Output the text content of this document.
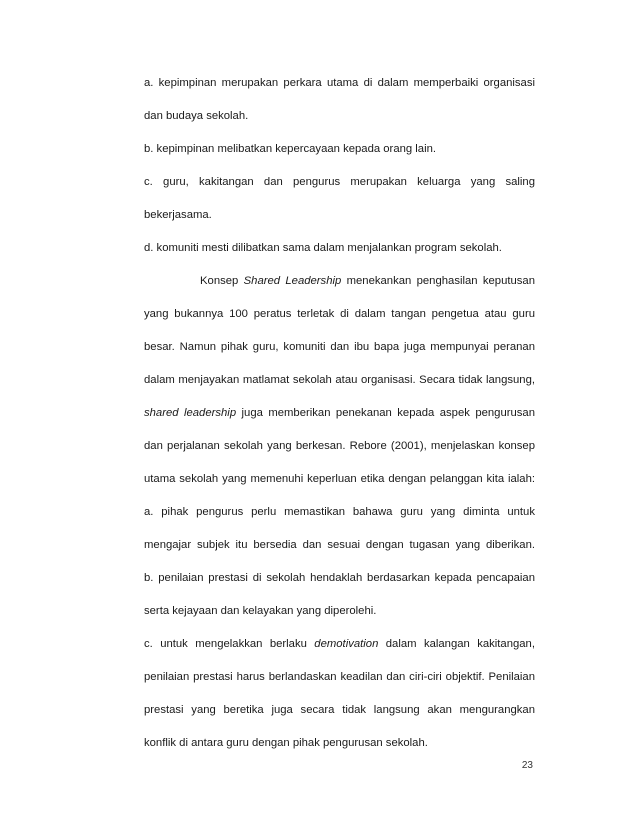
a. kepimpinan merupakan perkara utama di dalam memperbaiki organisasi
dan budaya sekolah.
b. kepimpinan melibatkan kepercayaan kepada orang lain.
c. guru, kakitangan dan pengurus merupakan keluarga yang saling
bekerjasama.
d. komuniti mesti dilibatkan sama dalam menjalankan program sekolah.
Konsep Shared Leadership menekankan penghasilan keputusan
yang bukannya 100 peratus terletak di dalam tangan pengetua atau guru
besar. Namun pihak guru, komuniti dan ibu bapa juga mempunyai peranan
dalam menjayakan matlamat sekolah atau organisasi. Secara tidak langsung,
shared leadership juga memberikan penekanan kepada aspek pengurusan
dan perjalanan sekolah yang berkesan. Rebore (2001), menjelaskan konsep
utama sekolah yang memenuhi keperluan etika dengan pelanggan kita ialah:
a. pihak pengurus perlu memastikan bahawa guru yang diminta untuk
mengajar subjek itu bersedia dan sesuai dengan tugasan yang diberikan.
b. penilaian prestasi di sekolah hendaklah berdasarkan kepada pencapaian
serta kejayaan dan kelayakan yang diperolehi.
c. untuk mengelakkan berlaku demotivation dalam kalangan kakitangan,
penilaian prestasi harus berlandaskan keadilan dan ciri-ciri objektif. Penilaian
prestasi yang beretika juga secara tidak langsung akan mengurangkan
konflik di antara guru dengan pihak pengurusan sekolah.
23
